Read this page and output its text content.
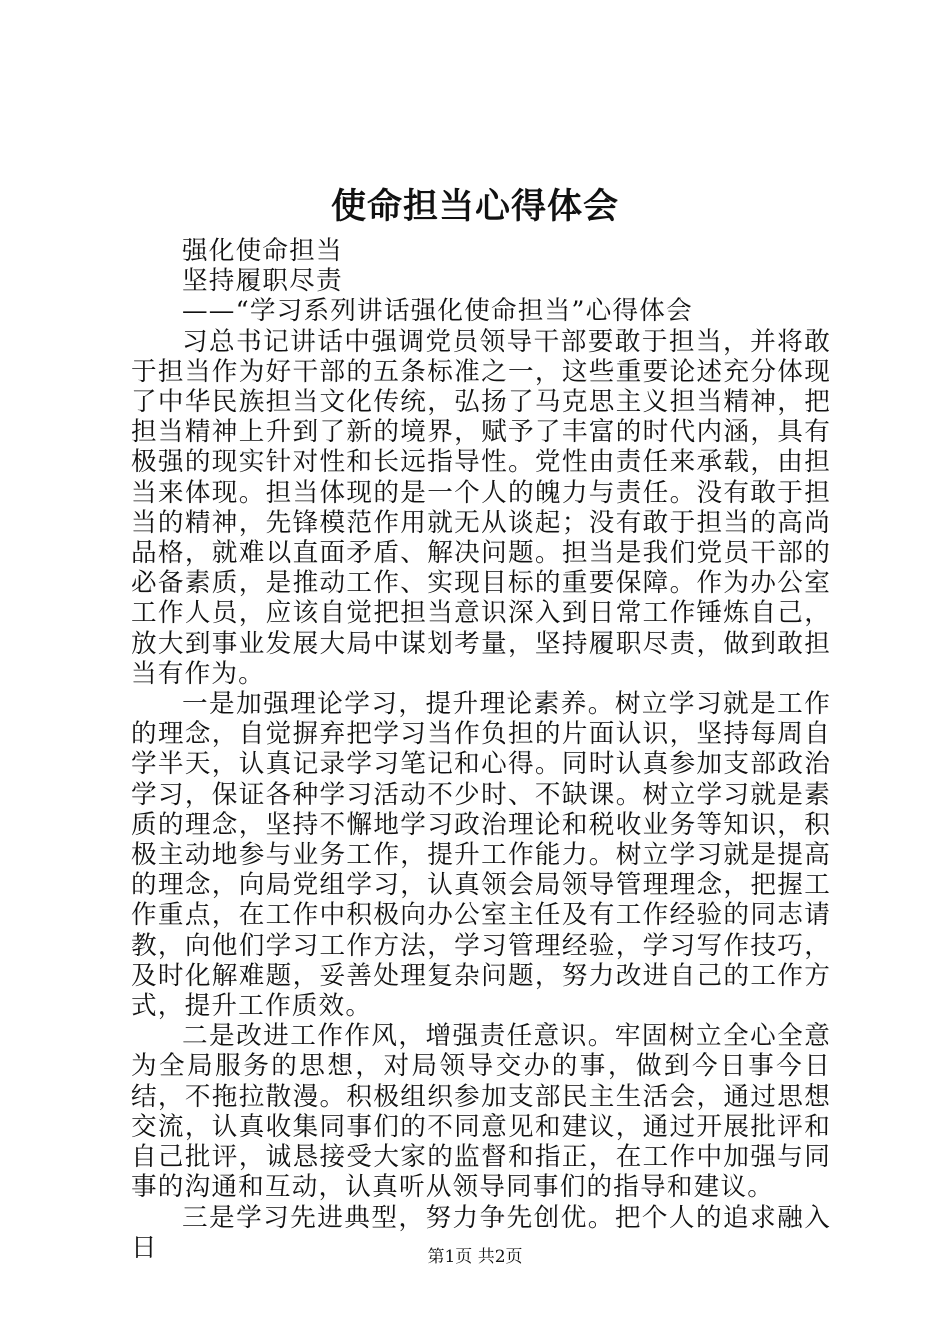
使命担当心得体会

强化使命担当

坚持履职尽责

——“学习系列讲话强化使命担当”心得体会

习总书记讲话中强调党员领导干部要敢于担当，并将敢于担当作为好干部的五条标准之一，这些重要论述充分体现了中华民族担当文化传统，弘扬了马克思主义担当精神，把担当精神上升到了新的境界，赋予了丰富的时代内涵，具有极强的现实针对性和长远指导性。党性由责任来承载，由担当来体现。担当体现的是一个人的魄力与责任。没有敢于担当的精神，先锋模范作用就无从谈起；没有敢于担当的高尚品格，就难以直面矛盾、解决问题。担当是我们党员干部的必备素质，是推动工作、实现目标的重要保障。作为办公室工作人员，应该自觉把担当意识深入到日常工作锤炼自己，放大到事业发展大局中谋划考量，坚持履职尽责，做到敢担当有作为。

一是加强理论学习，提升理论素养。树立学习就是工作的理念，自觉摒弃把学习当作负担的片面认识，坚持每周自学半天，认真记录学习笔记和心得。同时认真参加支部政治学习，保证各种学习活动不少时、不缺课。树立学习就是素质的理念，坚持不懈地学习政治理论和税收业务等知识，积极主动地参与业务工作，提升工作能力。树立学习就是提高的理念，向局党组学习，认真领会局领导管理理念，把握工作重点，在工作中积极向办公室主任及有工作经验的同志请教，向他们学习工作方法，学习管理经验，学习写作技巧，及时化解难题，妥善处理复杂问题，努力改进自己的工作方式，提升工作质效。

二是改进工作作风，增强责任意识。牢固树立全心全意为全局服务的思想，对局领导交办的事，做到今日事今日结，不拖拉散漫。积极组织参加支部民主生活会，通过思想交流，认真收集同事们的不同意见和建议，通过开展批评和自己批评，诚恳接受大家的监督和指正，在工作中加强与同事的沟通和互动，认真听从领导同事们的指导和建议。

三是学习先进典型，努力争先创优。把个人的追求融入日	第1页 共2页
